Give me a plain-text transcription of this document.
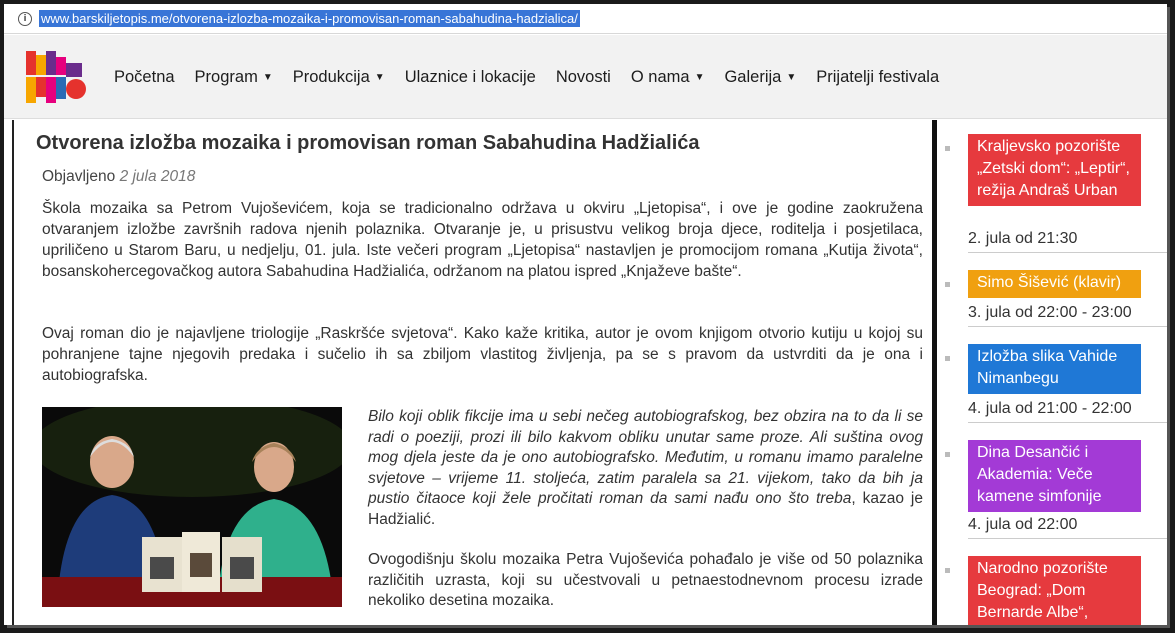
i	www.barskiljetopis.me/otvorena-izlozba-mozaika-i-promovisan-roman-sabahudina-hadzialica/
Početna Program ▼ Produkcija ▼ Ulaznice i lokacije Novosti O nama ▼ Galerija ▼ Prijatelji festivala
Otvorena izložba mozaika i promovisan roman Sabahudina Hadžialića
Objavljeno 2 jula 2018

Škola mozaika sa Petrom Vujoševićem, koja se tradicionalno održava u okviru „Ljetopisa“, i ove je godine zaokružena otvaranjem izložbe završnih radova njenih polaznika. Otvaranje je, u prisustvu velikog broja djece, roditelja i posjetilaca, upriličeno u Starom Baru, u nedjelju, 01. jula. Iste večeri program „Ljetopisa“ nastavljen je promocijom romana „Kutija života“, bosanskohercegovačkog autora Sabahudina Hadžialića, održanom na platou ispred „Knjaževe bašte“.

Ovaj roman dio je najavljene triologije „Raskršće svjetova“. Kako kaže kritika, autor je ovom knjigom otvorio kutiju u kojoj su pohranjene tajne njegovih predaka i sučelio ih sa zbiljom vlastitog življenja, pa se s pravom da ustvrditi da je ona i autobiografska.

Bilo koji oblik fikcije ima u sebi nečeg autobiografskog, bez obzira na to da li se radi o poeziji, prozi ili bilo kakvom obliku unutar same proze. Ali suština ovog mog djela jeste da je ono autobiografsko. Međutim, u romanu imamo paralelne svjetove – vrijeme 11. stoljeća, zatim paralela sa 21. vijekom, tako da bih ja pustio čitaoce koji žele pročitati roman da sami nađu ono što treba, kazao je Hadžialić.

Ovogodišnju školu mozaika Petra Vujoševića pohađalo je više od 50 polaznika različitih uzrasta, koji su učestvovali u petnaestodnevnom procesu izrade nekoliko desetina mozaika.

Kraljevsko pozorište „Zetski dom“: „Leptir“, režija Andraš Urban
2. jula od 21:30
Simo Šišević (klavir)
3. jula od 22:00 - 23:00
Izložba slika Vahide Nimanbegu
4. jula od 21:00 - 22:00
Dina Desančić i Akademia: Veče kamene simfonije
4. jula od 22:00
Narodno pozorište Beograd: „Dom Bernarde Albe“,
